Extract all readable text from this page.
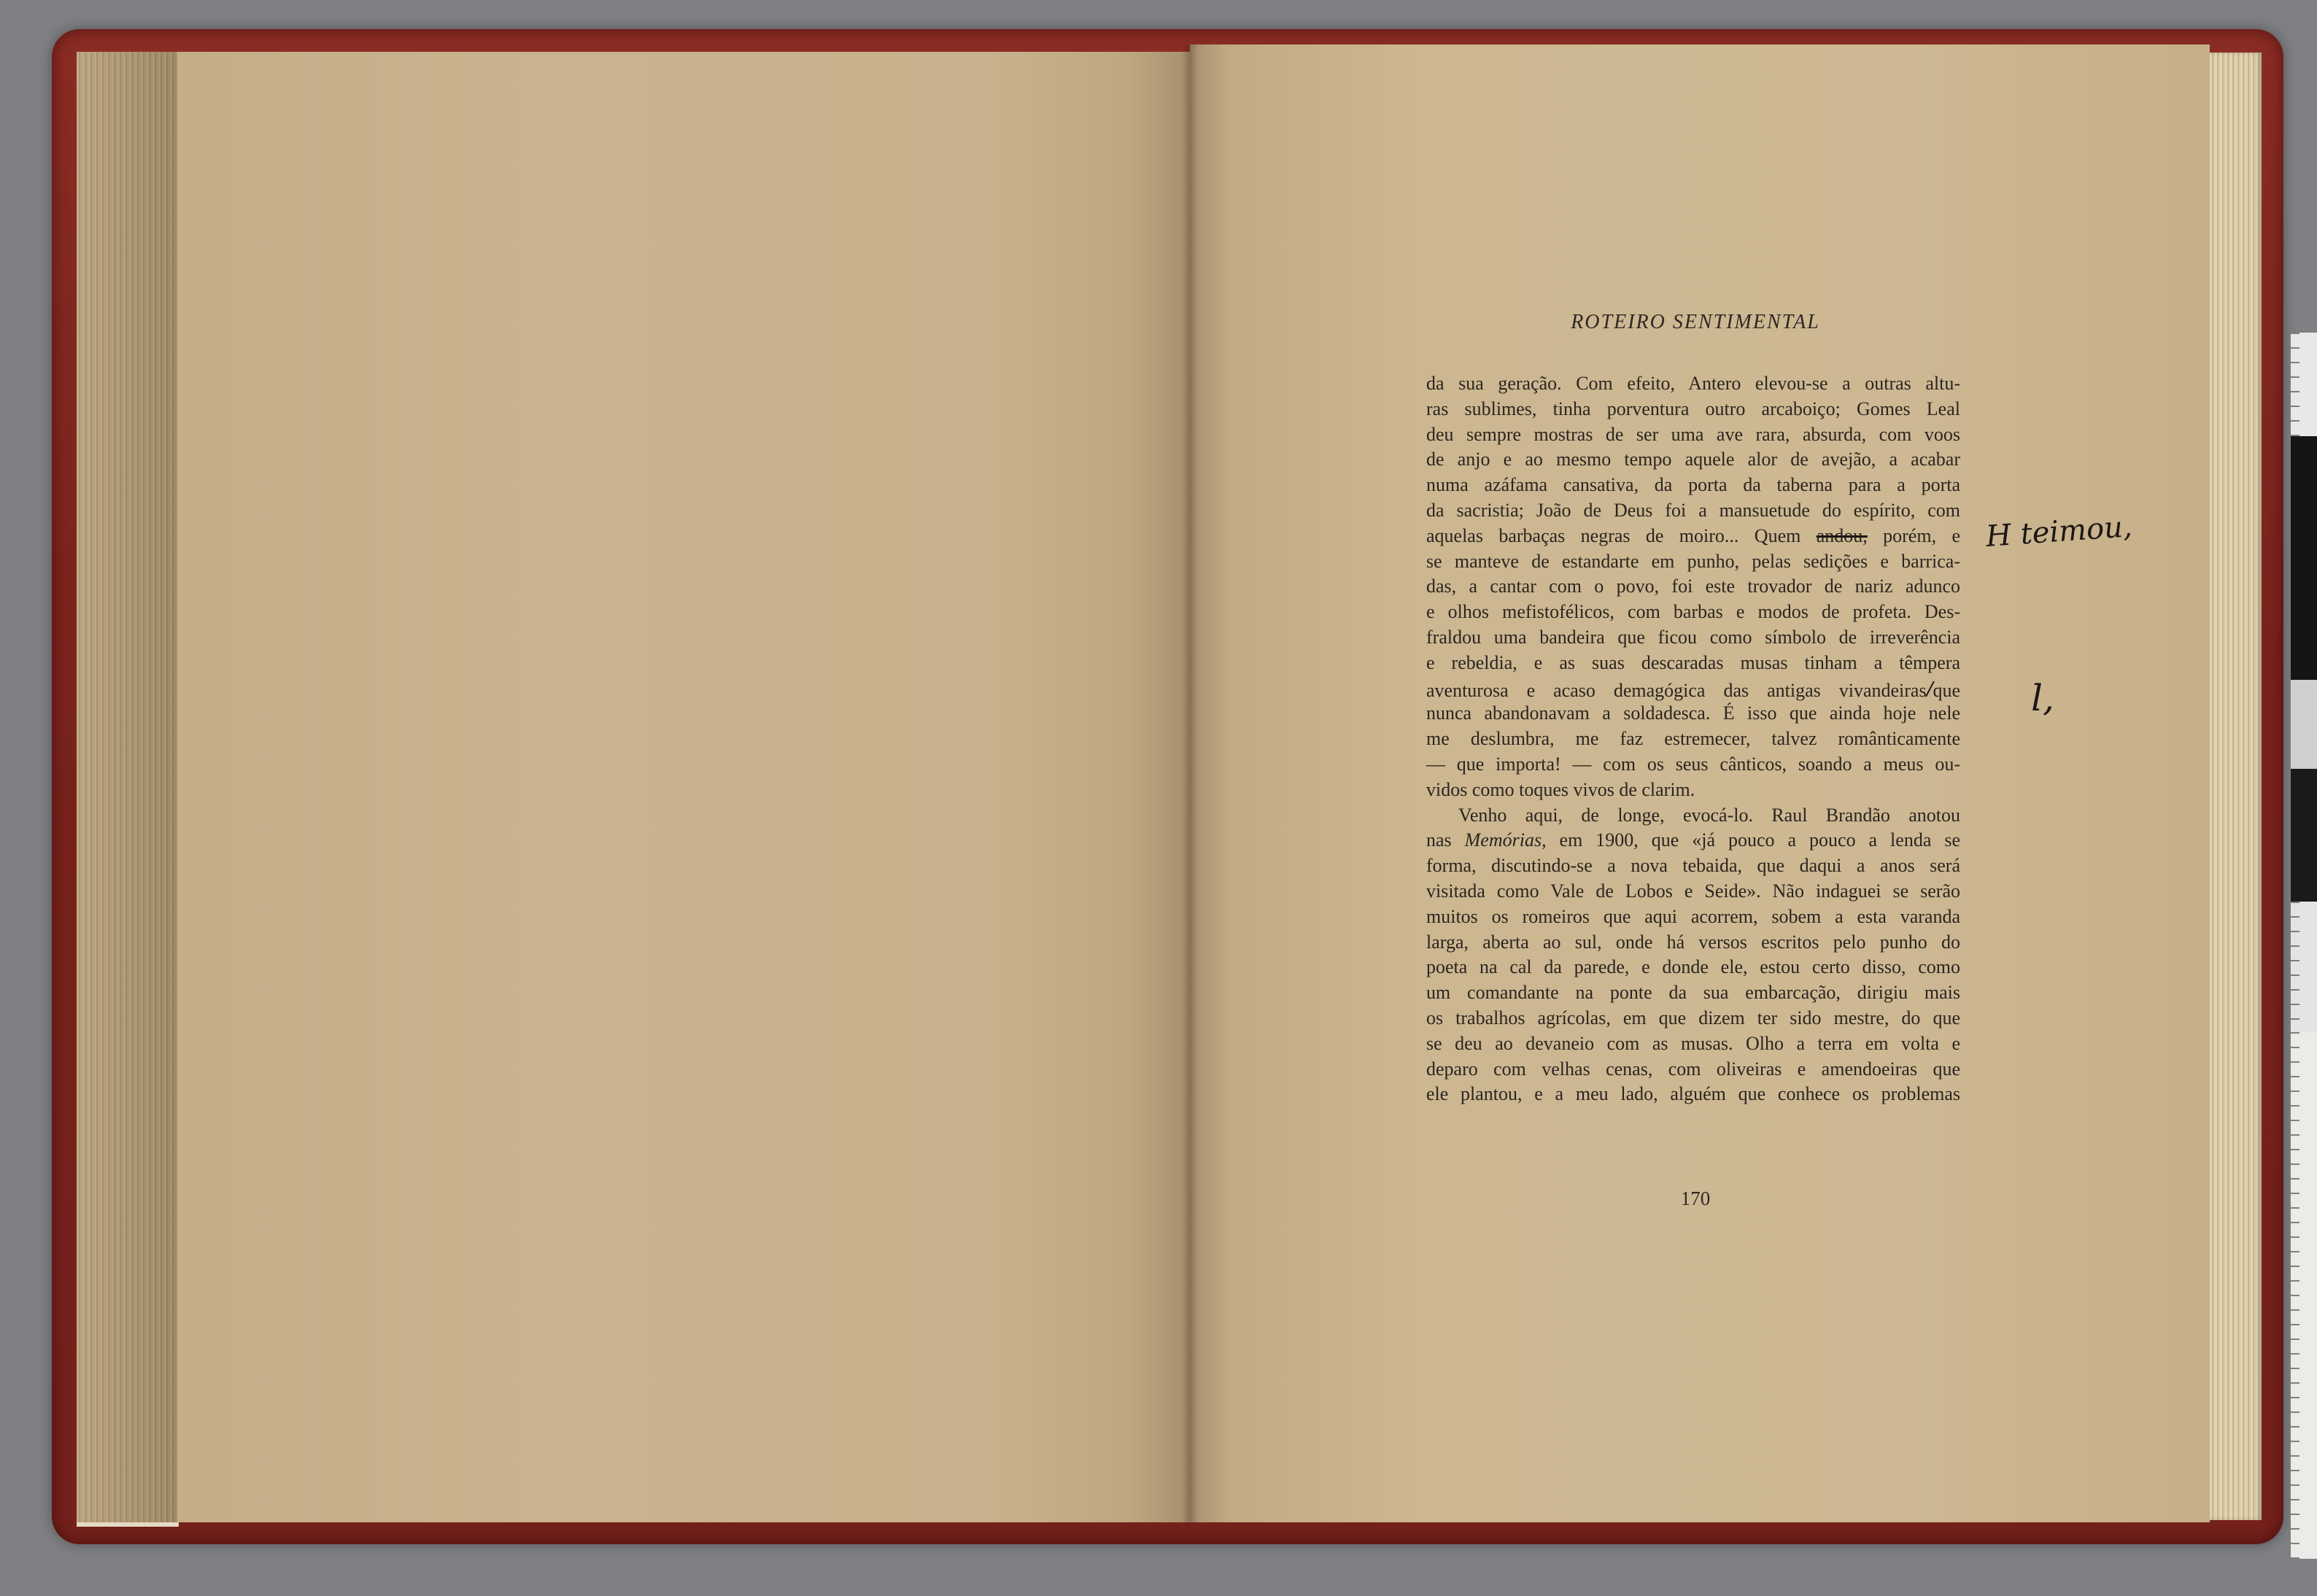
ROTEIRO SENTIMENTAL
da sua geração. Com efeito, Antero elevou-se a outras altu-
ras sublimes, tinha porventura outro arcaboiço; Gomes Leal
deu sempre mostras de ser uma ave rara, absurda, com voos
de anjo e ao mesmo tempo aquele alor de avejão, a acabar
numa azáfama cansativa, da porta da taberna para a porta
da sacristia; João de Deus foi a mansuetude do espírito, com
aquelas barbaças negras de moiro... Quem andou, porém, e
se manteve de estandarte em punho, pelas sedições e barrica-
das, a cantar com o povo, foi este trovador de nariz adunco
e olhos mefistofélicos, com barbas e modos de profeta. Des-
fraldou uma bandeira que ficou como símbolo de irreverência
e rebeldia, e as suas descaradas musas tinham a têmpera
aventurosa e acaso demagógica das antigas vivandeiras/que
nunca abandonavam a soldadesca. É isso que ainda hoje nele
me deslumbra, me faz estremecer, talvez românticamente
— que importa! — com os seus cânticos, soando a meus ou-
vidos como toques vivos de clarim.
Venho aqui, de longe, evocá-lo. Raul Brandão anotou
nas Memórias, em 1900, que «já pouco a pouco a lenda se
forma, discutindo-se a nova tebaida, que daqui a anos será
visitada como Vale de Lobos e Seide». Não indaguei se serão
muitos os romeiros que aqui acorrem, sobem a esta varanda
larga, aberta ao sul, onde há versos escritos pelo punho do
poeta na cal da parede, e donde ele, estou certo disso, como
um comandante na ponte da sua embarcação, dirigiu mais
os trabalhos agrícolas, em que dizem ter sido mestre, do que
se deu ao devaneio com as musas. Olho a terra em volta e
deparo com velhas cenas, com oliveiras e amendoeiras que
ele plantou, e a meu lado, alguém que conhece os problemas
170
H teimou,
l,
